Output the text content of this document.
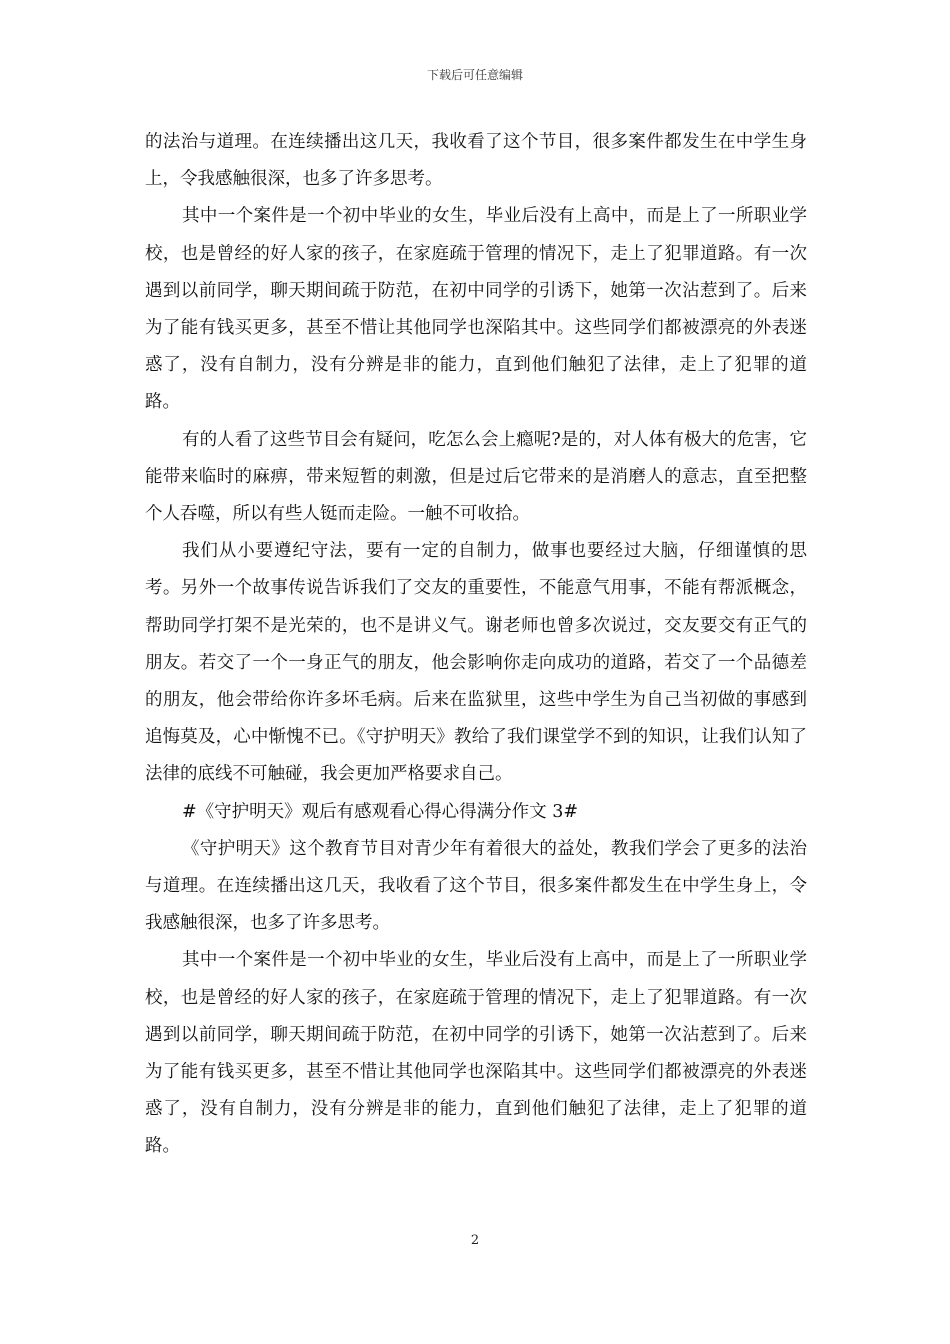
下载后可任意编辑

的法治与道理。在连续播出这几天，我收看了这个节目，很多案件都发生在中学生身上，令我感触很深，也多了许多思考。

其中一个案件是一个初中毕业的女生，毕业后没有上高中，而是上了一所职业学校，也是曾经的好人家的孩子，在家庭疏于管理的情况下，走上了犯罪道路。有一次遇到以前同学，聊天期间疏于防范，在初中同学的引诱下，她第一次沾惹到了。后来为了能有钱买更多，甚至不惜让其他同学也深陷其中。这些同学们都被漂亮的外表迷惑了，没有自制力，没有分辨是非的能力，直到他们触犯了法律，走上了犯罪的道路。

有的人看了这些节目会有疑问，吃怎么会上瘾呢?是的，对人体有极大的危害，它能带来临时的麻痹，带来短暂的刺激，但是过后它带来的是消磨人的意志，直至把整个人吞噬，所以有些人铤而走险。一触不可收拾。

我们从小要遵纪守法，要有一定的自制力，做事也要经过大脑，仔细谨慎的思考。另外一个故事传说告诉我们了交友的重要性，不能意气用事，不能有帮派概念，帮助同学打架不是光荣的，也不是讲义气。谢老师也曾多次说过，交友要交有正气的朋友。若交了一个一身正气的朋友，他会影响你走向成功的道路，若交了一个品德差的朋友，他会带给你许多坏毛病。后来在监狱里，这些中学生为自己当初做的事感到追悔莫及，心中惭愧不已。《守护明天》教给了我们课堂学不到的知识，让我们认知了法律的底线不可触碰，我会更加严格要求自己。

#《守护明天》观后有感观看心得心得满分作文 3#

《守护明天》这个教育节目对青少年有着很大的益处，教我们学会了更多的法治与道理。在连续播出这几天，我收看了这个节目，很多案件都发生在中学生身上，令我感触很深，也多了许多思考。

其中一个案件是一个初中毕业的女生，毕业后没有上高中，而是上了一所职业学校，也是曾经的好人家的孩子，在家庭疏于管理的情况下，走上了犯罪道路。有一次遇到以前同学，聊天期间疏于防范，在初中同学的引诱下，她第一次沾惹到了。后来为了能有钱买更多，甚至不惜让其他同学也深陷其中。这些同学们都被漂亮的外表迷惑了，没有自制力，没有分辨是非的能力，直到他们触犯了法律，走上了犯罪的道路。

2
